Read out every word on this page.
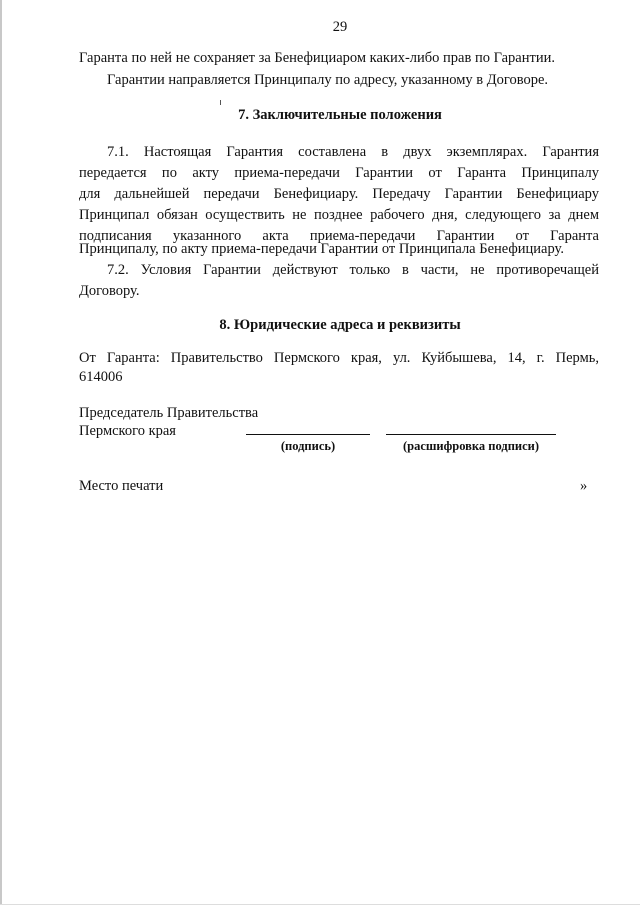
29
Гаранта по ней не сохраняет за Бенефициаром каких-либо прав по Гарантии.
Гарантии направляется Принципалу по адресу, указанному в Договоре.
7. Заключительные положения
7.1. Настоящая Гарантия составлена в двух экземплярах. Гарантия
передается по акту приема-передачи Гарантии от Гаранта Принципалу
для дальнейшей передачи Бенефициару. Передачу Гарантии Бенефициару
Принципал обязан осуществить не позднее рабочего дня, следующего за днем
подписания указанного акта приема-передачи Гарантии от Гаранта
Принципалу, по акту приема-передачи Гарантии от Принципала Бенефициару.
7.2. Условия Гарантии действуют только в части, не противоречащей
Договору.
8. Юридические адреса и реквизиты
От Гаранта: Правительство Пермского края, ул. Куйбышева, 14, г. Пермь,
614006
Председатель Правительства
Пермского края
(подпись)	(расшифровка подписи)
Место печати	»
